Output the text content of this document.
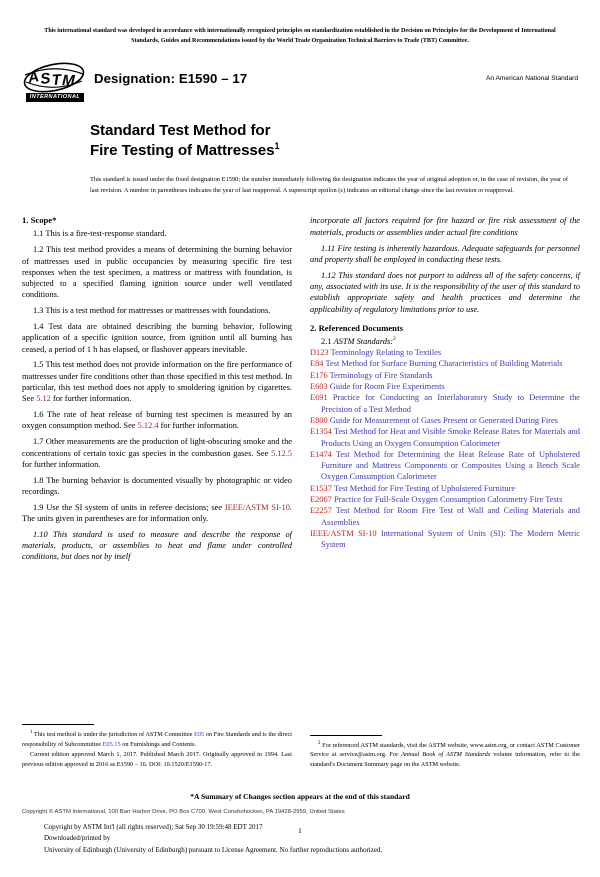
This international standard was developed in accordance with internationally recognized principles on standardization established in the Decision on Principles for the Development of International Standards, Guides and Recommendations issued by the World Trade Organization Technical Barriers to Trade (TBT) Committee.
A S T M
INTERNATIONAL
Designation: E1590 – 17	An American National Standard
Standard Test Method for
Fire Testing of Mattresses$^1$
This standard is issued under the fixed designation E1590; the number immediately following the designation indicates the year of original adoption or, in the case of revision, the year of last revision. A number in parentheses indicates the year of last reapproval. A superscript epsilon (ε) indicates an editorial change since the last revision or reapproval.
1. Scope*

1.1 This is a fire-test-response standard.

1.2 This test method provides a means of determining the burning behavior of mattresses used in public occupancies by measuring specific fire test responses when the test specimen, a mattress or mattress with foundation, is subjected to a specified flaming ignition source under well ventilated conditions.

1.3 This is a test method for mattresses or mattresses with foundations.

1.4 Test data are obtained describing the burning behavior, following application of a specific ignition source, from ignition until all burning has ceased, a period of 1 h has elapsed, or flashover appears inevitable.

1.5 This test method does not provide information on the fire performance of mattresses under fire conditions other than those specified in this test method. In particular, this test method does not apply to smoldering ignition by cigarettes. See 5.12 for further information.

1.6 The rate of heat release of burning test specimen is measured by an oxygen consumption method. See 5.12.4 for further information.

1.7 Other measurements are the production of light-obscuring smoke and the concentrations of certain toxic gas species in the combustion gases. See 5.12.5 for further information.

1.8 The burning behavior is documented visually by photographic or video recordings.

1.9 Use the SI system of units in referee decisions; see IEEE/ASTM SI-10. The units given in parentheses are for information only.

1.10 This standard is used to measure and describe the response of materials, products, or assemblies to heat and flame under controlled conditions, but does not by itself

$^1$ This test method is under the jurisdiction of ASTM Committee E05 on Fire Standards and is the direct responsibility of Subcommittee E05.15 on Furnishings and Contents.

Current edition approved March 1, 2017. Published March 2017. Originally approved in 1994. Last previous edition approved in 2016 as E1590 – 16. DOI: 10.1520/E1590-17.

incorporate all factors required for fire hazard or fire risk assessment of the materials, products or assemblies under actual fire conditions

1.11 Fire testing is inherently hazardous. Adequate safeguards for personnel and property shall be employed in conducting these tests.

1.12 This standard does not purport to address all of the safety concerns, if any, associated with its use. It is the responsibility of the user of this standard to establish appropriate safety and health practices and determine the applicability of regulatory limitations prior to use.

2. Referenced Documents
2.1 ASTM Standards:$^2$
D123 Terminology Relating to Textiles
E84 Test Method for Surface Burning Characteristics of Building Materials
E176 Terminology of Fire Standards
E603 Guide for Room Fire Experiments
E691 Practice for Conducting an Interlaboratory Study to Determine the Precision of a Test Method
E800 Guide for Measurement of Gases Present or Generated During Fires
E1354 Test Method for Heat and Visible Smoke Release Rates for Materials and Products Using an Oxygen Consumption Calorimeter
E1474 Test Method for Determining the Heat Release Rate of Upholstered Furniture and Mattress Components or Composites Using a Bench Scale Oxygen Consumption Calorimeter
E1537 Test Method for Fire Testing of Upholstered Furniture
E2067 Practice for Full-Scale Oxygen Consumption Calorimetry Fire Tests
E2257 Test Method for Room Fire Test of Wall and Ceiling Materials and Assemblies
IEEE/ASTM SI-10 International System of Units (SI): The Modern Metric System

$^2$ For referenced ASTM standards, visit the ASTM website, www.astm.org, or contact ASTM Customer Service at service@astm.org. For Annual Book of ASTM Standards volume information, refer to the standard's Document Summary page on the ASTM website.

*A Summary of Changes section appears at the end of this standard
Copyright © ASTM International, 100 Barr Harbor Drive, PO Box C700, West Conshohocken, PA 19428-2959, United States
Copyright by ASTM Int'l (all rights reserved); Sat Sep 30 19:59:48 EDT 2017
Downloaded/printed by
University of Edinburgh (University of Edinburgh) pursuant to License Agreement. No further reproductions authorized.
1
